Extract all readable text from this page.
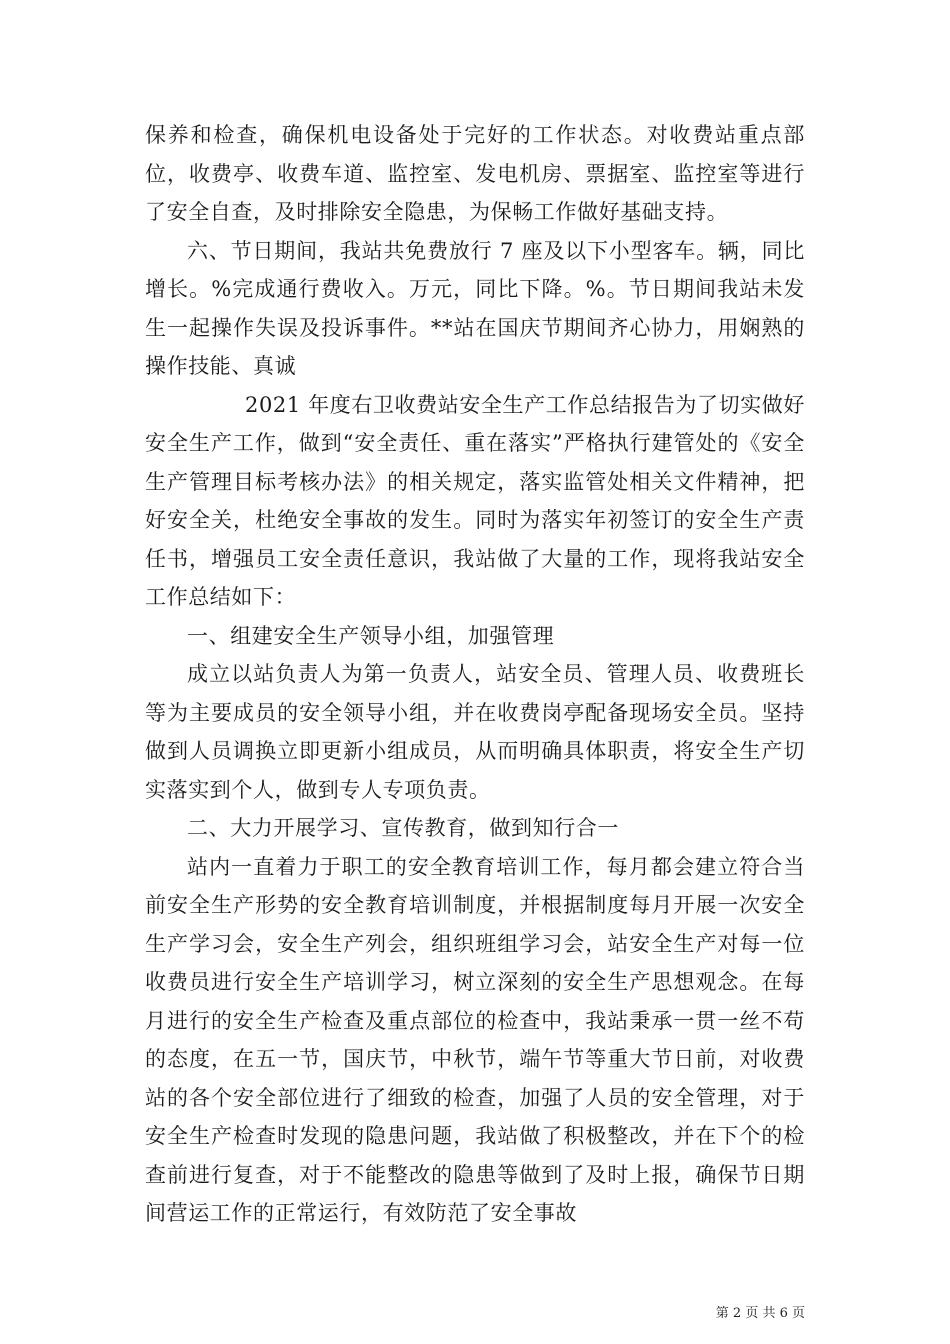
保养和检查，确保机电设备处于完好的工作状态。对收费站重点部位，收费亭、收费车道、监控室、发电机房、票据室、监控室等进行了安全自查，及时排除安全隐患，为保畅工作做好基础支持。

六、节日期间，我站共免费放行 7 座及以下小型客车。辆，同比增长。%完成通行费收入。万元，同比下降。%。节日期间我站未发生一起操作失误及投诉事件。**站在国庆节期间齐心协力，用娴熟的操作技能、真诚

2021 年度右卫收费站安全生产工作总结报告为了切实做好安全生产工作，做到“安全责任、重在落实”严格执行建管处的《安全生产管理目标考核办法》的相关规定，落实监管处相关文件精神，把好安全关，杜绝安全事故的发生。同时为落实年初签订的安全生产责任书，增强员工安全责任意识，我站做了大量的工作，现将我站安全工作总结如下：

一、组建安全生产领导小组，加强管理

成立以站负责人为第一负责人，站安全员、管理人员、收费班长等为主要成员的安全领导小组，并在收费岗亭配备现场安全员。坚持做到人员调换立即更新小组成员，从而明确具体职责，将安全生产切实落实到个人，做到专人专项负责。

二、大力开展学习、宣传教育，做到知行合一

站内一直着力于职工的安全教育培训工作，每月都会建立符合当前安全生产形势的安全教育培训制度，并根据制度每月开展一次安全生产学习会，安全生产列会，组织班组学习会，站安全生产对每一位收费员进行安全生产培训学习，树立深刻的安全生产思想观念。在每月进行的安全生产检查及重点部位的检查中，我站秉承一贯一丝不苟的态度，在五一节，国庆节，中秋节，端午节等重大节日前，对收费站的各个安全部位进行了细致的检查，加强了人员的安全管理，对于安全生产检查时发现的隐患问题，我站做了积极整改，并在下个的检查前进行复查，对于不能整改的隐患等做到了及时上报，确保节日期间营运工作的正常运行，有效防范了安全事故

第 2 页 共 6 页
